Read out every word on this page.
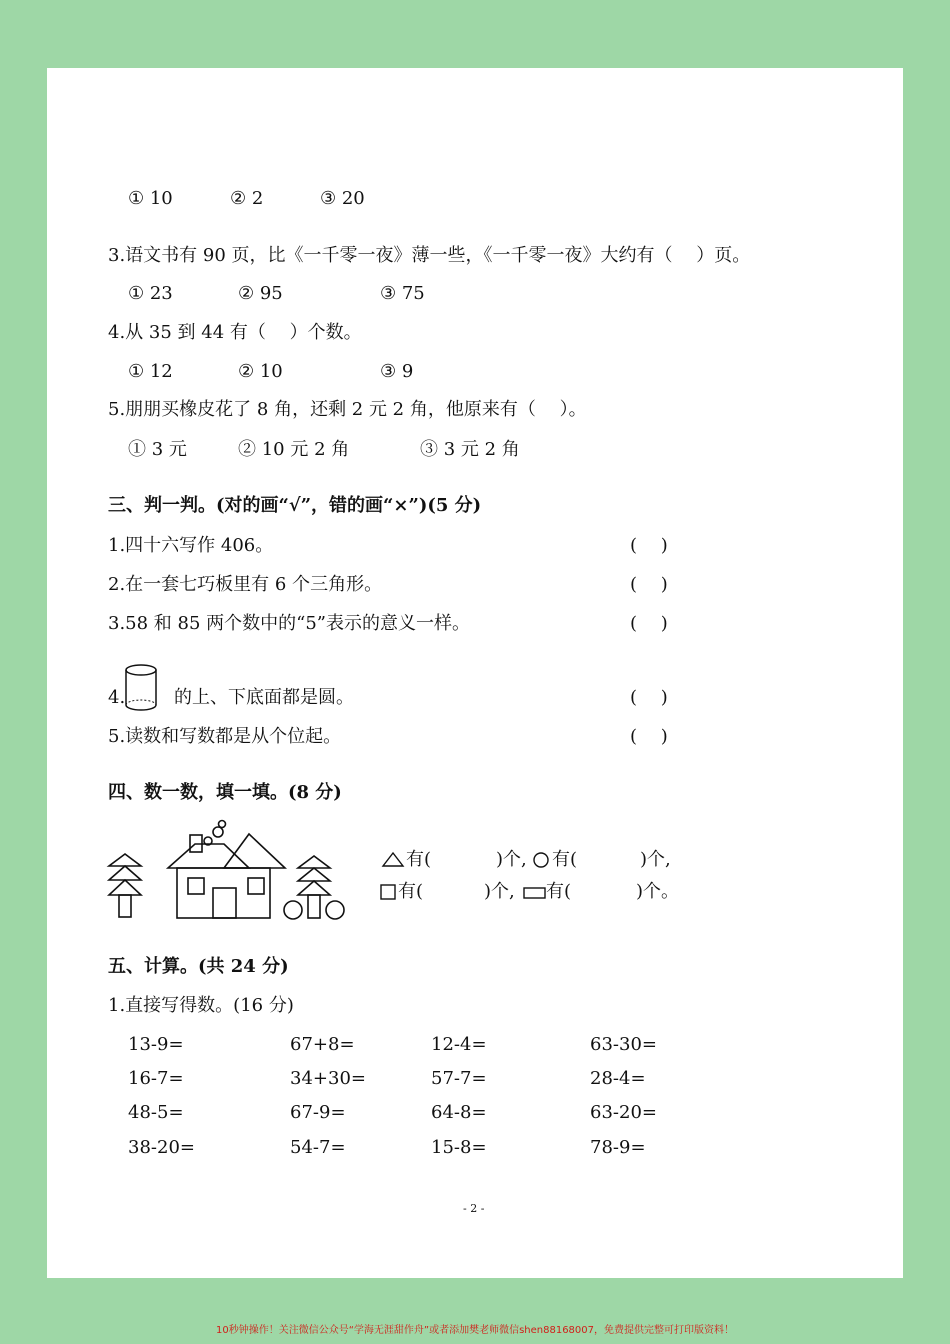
① 10	② 2	③ 20
3.语文书有 90 页，比《一千零一夜》薄一些，《一千零一夜》大约有（　 ）页。
① 23	② 95	③ 75
4.从 35 到 44 有（　 ）个数。
① 12	② 10	③ 9
5.朋朋买橡皮花了 8 角，还剩 2 元 2 角，他原来有（　 ）。
① 3 元	② 10 元 2 角	③ 3 元 2 角
三、判一判。(对的画“√”，错的画“×”)(5 分)
1.四十六写作 406。	(　 )
2.在一套七巧板里有 6 个三角形。	(　 )
3.58 和 85 两个数中的“5”表示的意义一样。	(　 )
4.	的上、下底面都是圆。	(　 )
5.读数和写数都是从个位起。	(　 )
四、数一数，填一填。(8 分)
有(	)个, 有(	)个,
有(	)个, 有(	)个。
五、计算。(共 24 分)
1.直接写得数。(16 分)
13-9=	67+8=	12-4=	63-30=
16-7=	34+30=	57-7=	28-4=
48-5=	67-9=	64-8=	63-20=
38-20=	54-7=	15-8=	78-9=
- 2 -
10秒钟操作！关注微信公众号“学海无涯甜作舟”或者添加樊老师微信shen88168007，免费提供完整可打印版资料！
